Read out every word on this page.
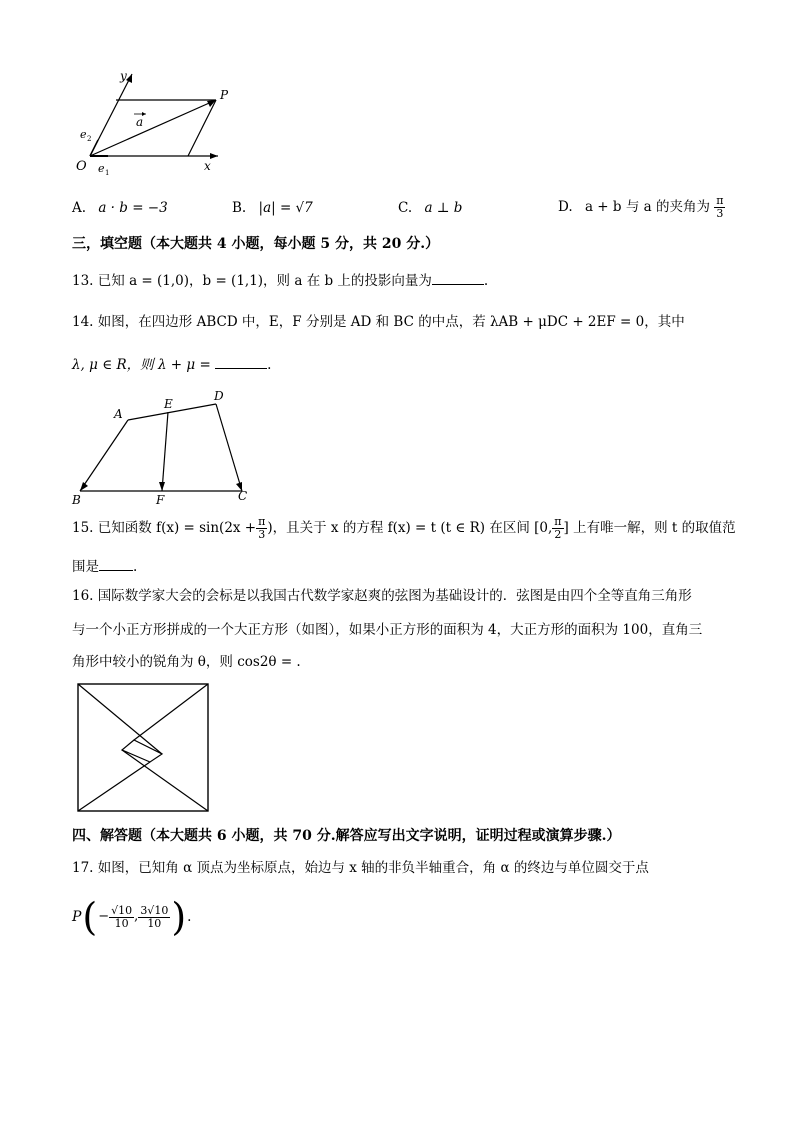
y
P
a
e 2
O e 1	x
A. a · b = −3	B. |a| = √7	C. a ⊥ b	D. a + b 与 a 的夹角为 $\frac{\pi}{3}$
三，填空题（本大题共 4 小题，每小题 5 分，共 20 分.）
13. 已知 a = (1,0)，b = (1,1)，则 a 在 b 上的投影向量为	.
14. 如图，在四边形 ABCD 中，E，F 分别是 AD 和 BC 的中点，若 λAB + μDC + 2EF = 0，其中
λ, μ ∈ R，则 λ + μ =	.
A
E
D
B	F	C
15. 已知函数 $f(x) = \sin(2x + \frac{\pi}{3}$ )，且关于 x 的方程 f(x) = t (t ∈ R) 在区间 [0, $\frac{\pi}{2}$ ] 上有唯一解，则 t 的取值范
围是	.
16. 国际数学家大会的会标是以我国古代数学家赵爽的弦图为基础设计的．弦图是由四个全等直角三角形
与一个小正方形拼成的一个大正方形（如图），如果小正方形的面积为 4，大正方形的面积为 100，直角三
角形中较小的锐角为 θ，则 cos2θ = .
四、解答题（本大题共 6 小题，共 70 分.解答应写出文字说明，证明过程或演算步骤.）
17. 如图，已知角 α 顶点为坐标原点，始边与 x 轴的非负半轴重合，角 α 的终边与单位圆交于点
P ( − $\frac{√10}{10}$ , $\frac{3√10}{10}$ ) .
